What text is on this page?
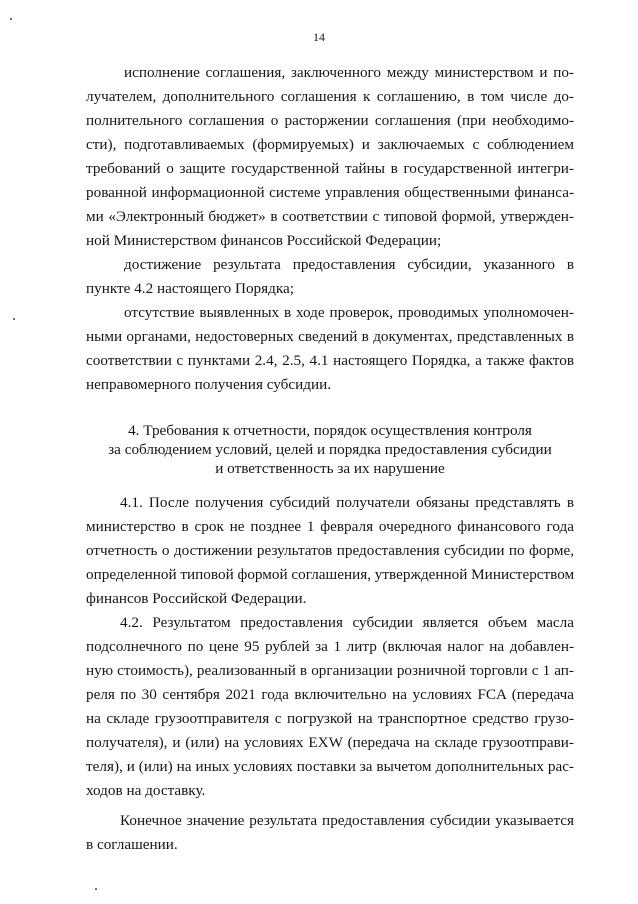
14
исполнение соглашения, заключенного между министерством и по-
лучателем, дополнительного соглашения к соглашению, в том числе до-
полнительного соглашения о расторжении соглашения (при необходимо-
сти), подготавливаемых (формируемых) и заключаемых с соблюдением
требований о защите государственной тайны в государственной интегри-
рованной информационной системе управления общественными финанса-
ми «Электронный бюджет» в соответствии с типовой формой, утвержден-
ной Министерством финансов Российской Федерации;
достижение результата предоставления субсидии, указанного в
пункте 4.2 настоящего Порядка;
отсутствие выявленных в ходе проверок, проводимых уполномочен-
ными органами, недостоверных сведений в документах, представленных в
соответствии с пунктами 2.4, 2.5, 4.1 настоящего Порядка, а также фактов
неправомерного получения субсидии.
4. Требования к отчетности, порядок осуществления контроля
за соблюдением условий, целей и порядка предоставления субсидии
и ответственность за их нарушение
4.1. После получения субсидий получатели обязаны представлять в
министерство в срок не позднее 1 февраля очередного финансового года
отчетность о достижении результатов предоставления субсидии по форме,
определенной типовой формой соглашения, утвержденной Министерством
финансов Российской Федерации.
4.2. Результатом предоставления субсидии является объем масла
подсолнечного по цене 95 рублей за 1 литр (включая налог на добавлен-
ную стоимость), реализованный в организации розничной торговли с 1 ап-
реля по 30 сентября 2021 года включительно на условиях FCA (передача
на складе грузоотправителя с погрузкой на транспортное средство грузо-
получателя), и (или) на условиях EXW (передача на складе грузоотправи-
теля), и (или) на иных условиях поставки за вычетом дополнительных рас-
ходов на доставку.
Конечное значение результата предоставления субсидии указывается
в соглашении.
